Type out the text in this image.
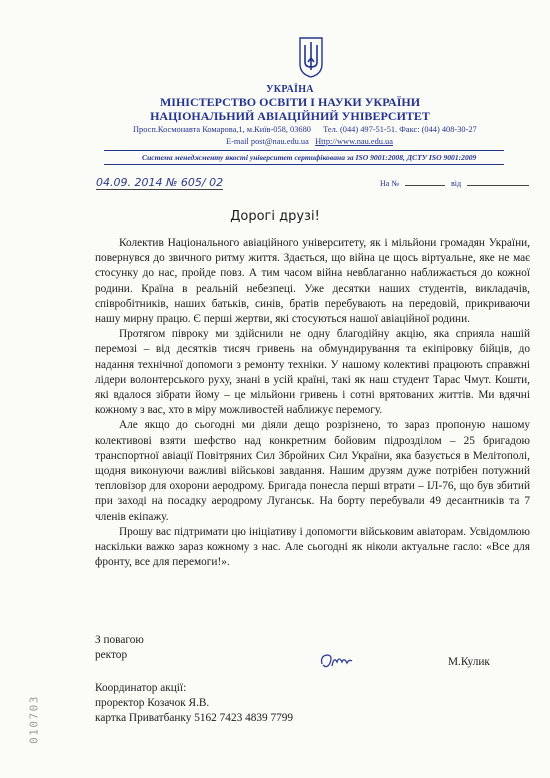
УКРАЇНА
МІНІСТЕРСТВО ОСВІТИ І НАУКИ УКРАЇНИ
НАЦІОНАЛЬНИЙ АВІАЦІЙНИЙ УНІВЕРСИТЕТ
Просп.Космонавта Комарова,1, м.Київ-058, 03680 Тел. (044) 497-51-51. Факс: (044) 408-30-27
E-mail post@nau.edu.ua Http://www.nau.edu.ua
Система менеджменту якості університет сертифікована за ISO 9001:2008, ДСТУ ISO 9001:2009
04.09. 2014 № 605/ 02	На №	від
Дорогі друзі!

Колектив Національного авіаційного університету, як і мільйони громадян України, повернувся до звичного ритму життя. Здається, що війна це щось віртуальне, яке не має стосунку до нас, пройде повз. А тим часом війна невблаганно наближається до кожної родини. Країна в реальній небезпеці. Уже десятки наших студентів, викладачів, співробітників, наших батьків, синів, братів перебувають на передовій, прикриваючи нашу мирну працю. Є перші жертви, які стосуються нашої авіаційної родини.

Протягом півроку ми здійснили не одну благодійну акцію, яка сприяла нашій перемозі – від десятків тисяч гривень на обмундирування та екіпіровку бійців, до надання технічної допомоги з ремонту техніки. У нашому колективі працюють справжні лідери волонтерського руху, знані в усій країні, такі як наш студент Тарас Чмут. Кошти, які вдалося зібрати йому – це мільйони гривень і сотні врятованих життів. Ми вдячні кожному з вас, хто в міру можливостей наближує перемогу.

Але якщо до сьогодні ми діяли дещо розрізнено, то зараз пропоную нашому колективові взяти шефство над конкретним бойовим підрозділом – 25 бригадою транспортної авіації Повітряних Сил Збройних Сил України, яка базується в Мелітополі, щодня виконуючи важливі військові завдання. Нашим друзям дуже потрібен потужний тепловізор для охорони аеродрому. Бригада понесла перші втрати – ІЛ-76, що був збитий при заході на посадку аеродрому Луганськ. На борту перебували 49 десантників та 7 членів екіпажу.

Прошу вас підтримати цю ініціативу і допомогти військовим авіаторам. Усвідомлюю наскільки важко зараз кожному з нас. Але сьогодні як ніколи актуальне гасло: «Все для фронту, все для перемоги!».

З повагою
ректор
М.Кулик
Координатор акції:
проректор Козачок Я.В.
картка Приватбанку 5162 7423 4839 7799
010703
